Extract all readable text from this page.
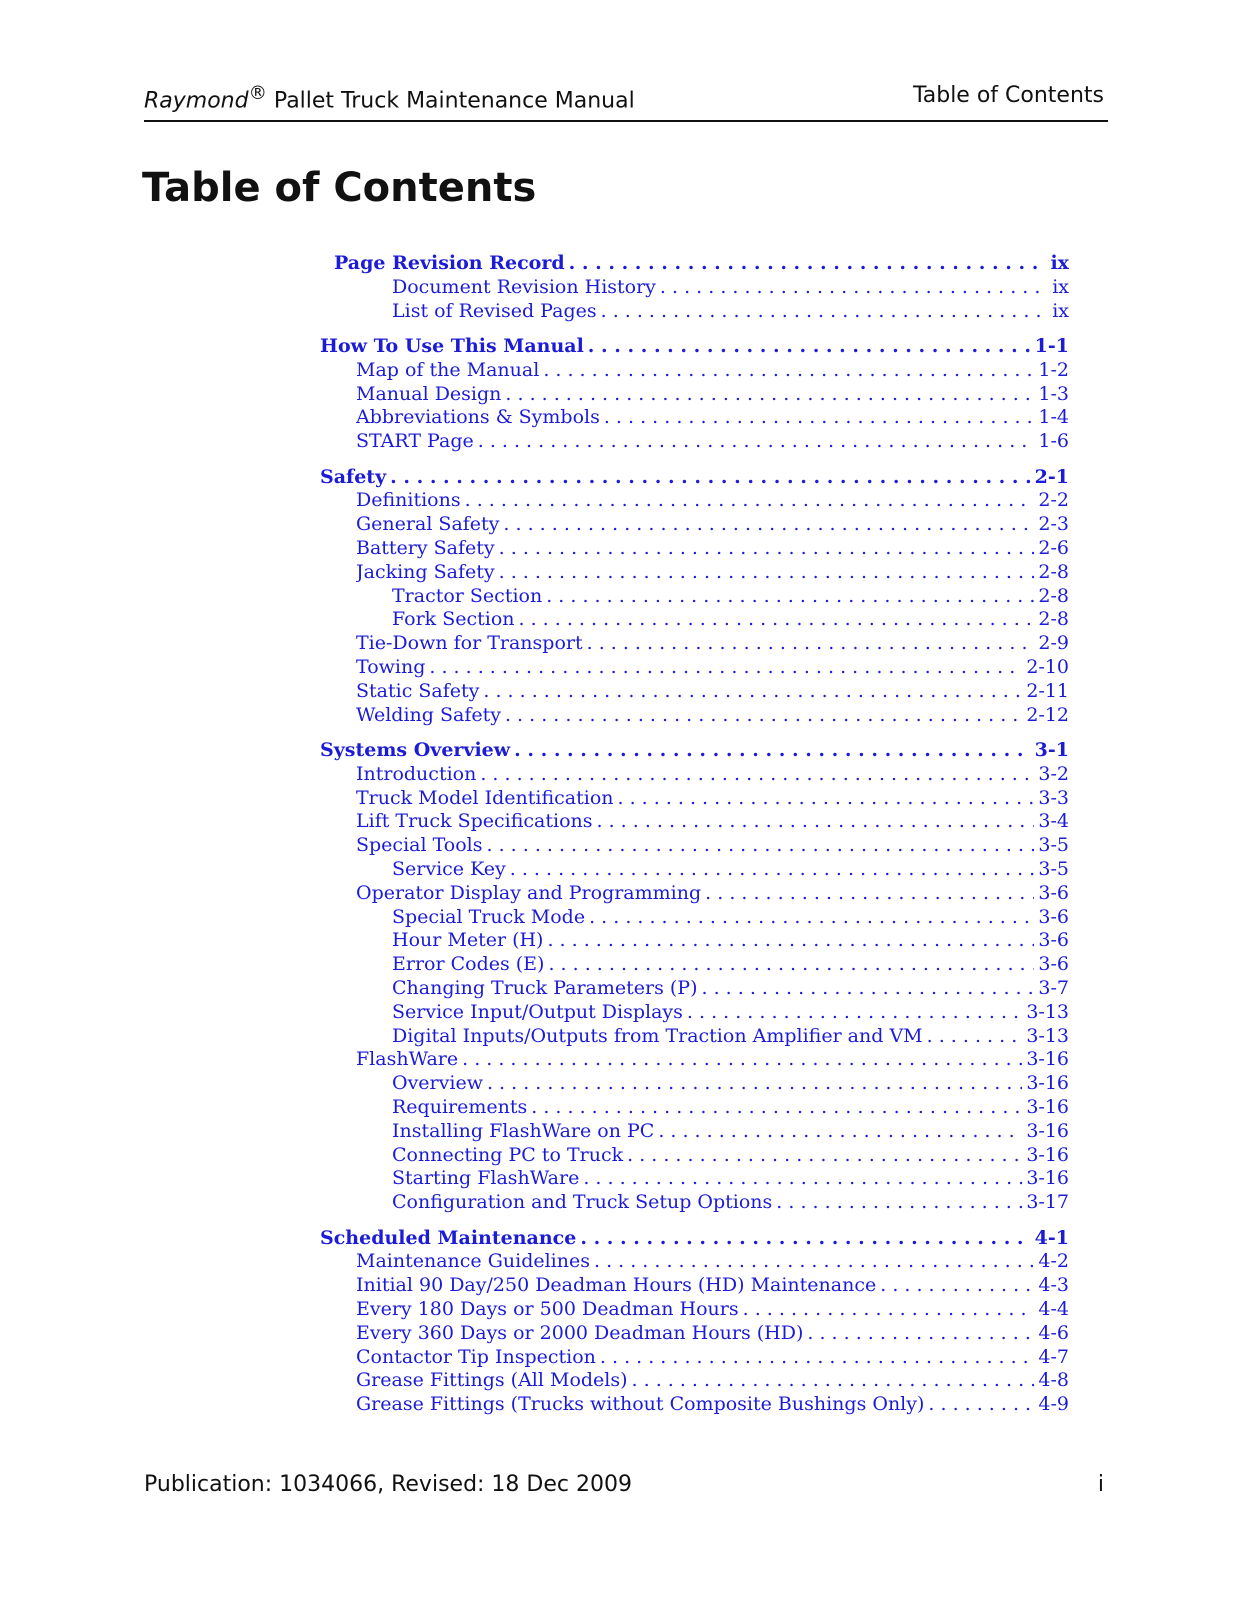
Raymond® Pallet Truck Maintenance Manual	Table of Contents
Table of Contents
Page Revision Record . . .	ix
Document Revision History . . .	ix
List of Revised Pages . . .	ix
How To Use This Manual . . .	1-1
Map of the Manual . . .	1-2
Manual Design . . .	1-3
Abbreviations & Symbols . . .	1-4
START Page . . .	1-6
Safety . . .	2-1
Definitions . . .	2-2
General Safety . . .	2-3
Battery Safety . . .	2-6
Jacking Safety . . .	2-8
Tractor Section . . .	2-8
Fork Section . . .	2-8
Tie-Down for Transport . . .	2-9
Towing . . .	2-10
Static Safety . . .	2-11
Welding Safety . . .	2-12
Systems Overview . . .	3-1
Introduction . . .	3-2
Truck Model Identification . . .	3-3
Lift Truck Specifications . . .	3-4
Special Tools . . .	3-5
Service Key . . .	3-5
Operator Display and Programming . . .	3-6
Special Truck Mode . . .	3-6
Hour Meter (H) . . .	3-6
Error Codes (E) . . .	3-6
Changing Truck Parameters (P) . . .	3-7
Service Input/Output Displays . . .	3-13
Digital Inputs/Outputs from Traction Amplifier and VM . . .	3-13
FlashWare . . .	3-16
Overview . . .	3-16
Requirements . . .	3-16
Installing FlashWare on PC . . .	3-16
Connecting PC to Truck . . .	3-16
Starting FlashWare . . .	3-16
Configuration and Truck Setup Options . . .	3-17
Scheduled Maintenance . . .	4-1
Maintenance Guidelines . . .	4-2
Initial 90 Day/250 Deadman Hours (HD) Maintenance . . .	4-3
Every 180 Days or 500 Deadman Hours . . .	4-4
Every 360 Days or 2000 Deadman Hours (HD) . . .	4-6
Contactor Tip Inspection . . .	4-7
Grease Fittings (All Models) . . .	4-8
Grease Fittings (Trucks without Composite Bushings Only) . . .	4-9
Publication: 1034066, Revised: 18 Dec 2009	i
